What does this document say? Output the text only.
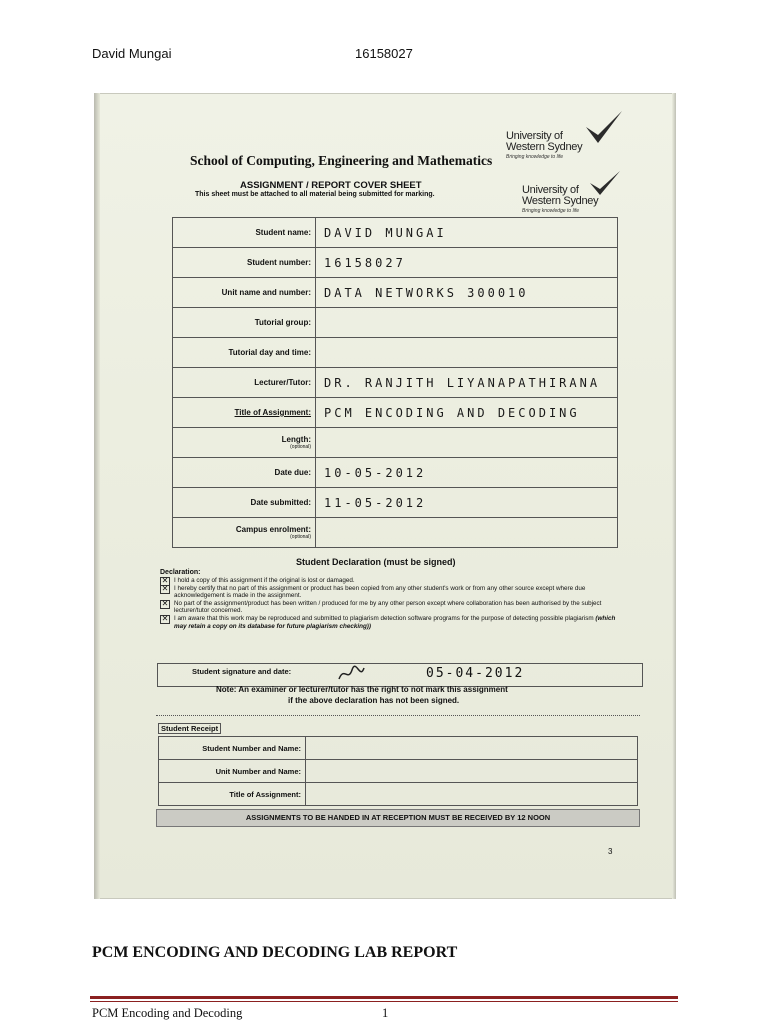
David Mungai	16158027
School of Computing, Engineering and Mathematics
University of
Western Sydney
Bringing knowledge to life
University of
Western Sydney
Bringing knowledge to life
ASSIGNMENT / REPORT COVER SHEET
This sheet must be attached to all material being submitted for marking.
Student name:	DAVID MUNGAI
Student number:	16158027
Unit name and number:	DATA NETWORKS 300010
Tutorial group:	
Tutorial day and time:	
Lecturer/Tutor:	DR. RANJITH LIYANAPATHIRANA
Title of Assignment:	PCM ENCODING AND DECODING
Length:
(optional)	

Date due:	10-05-2012
Date submitted:	11-05-2012
Campus enrolment:
(optional)	

Student Declaration (must be signed)
Declaration:
✕ I hold a copy of this assignment if the original is lost or damaged.
✕ I hereby certify that no part of this assignment or product has been copied from any other student's work or from any other source except where due acknowledgement is made in the assignment.
✕ No part of the assignment/product has been written / produced for me by any other person except where collaboration has been authorised by the subject lecturer/tutor concerned.
✕ I am aware that this work may be reproduced and submitted to plagiarism detection software programs for the purpose of detecting possible plagiarism (which may retain a copy on its database for future plagiarism checking))
Student signature and date:	05-04-2012
Note: An examiner or lecturer/tutor has the right to not mark this assignment
if the above declaration has not been signed.
Student Receipt
Student Number and Name:	
Unit Number and Name:	
Title of Assignment:	
ASSIGNMENTS TO BE HANDED IN AT RECEPTION MUST BE RECEIVED BY 12 NOON
3
PCM ENCODING AND DECODING LAB REPORT
PCM Encoding and Decoding	1
